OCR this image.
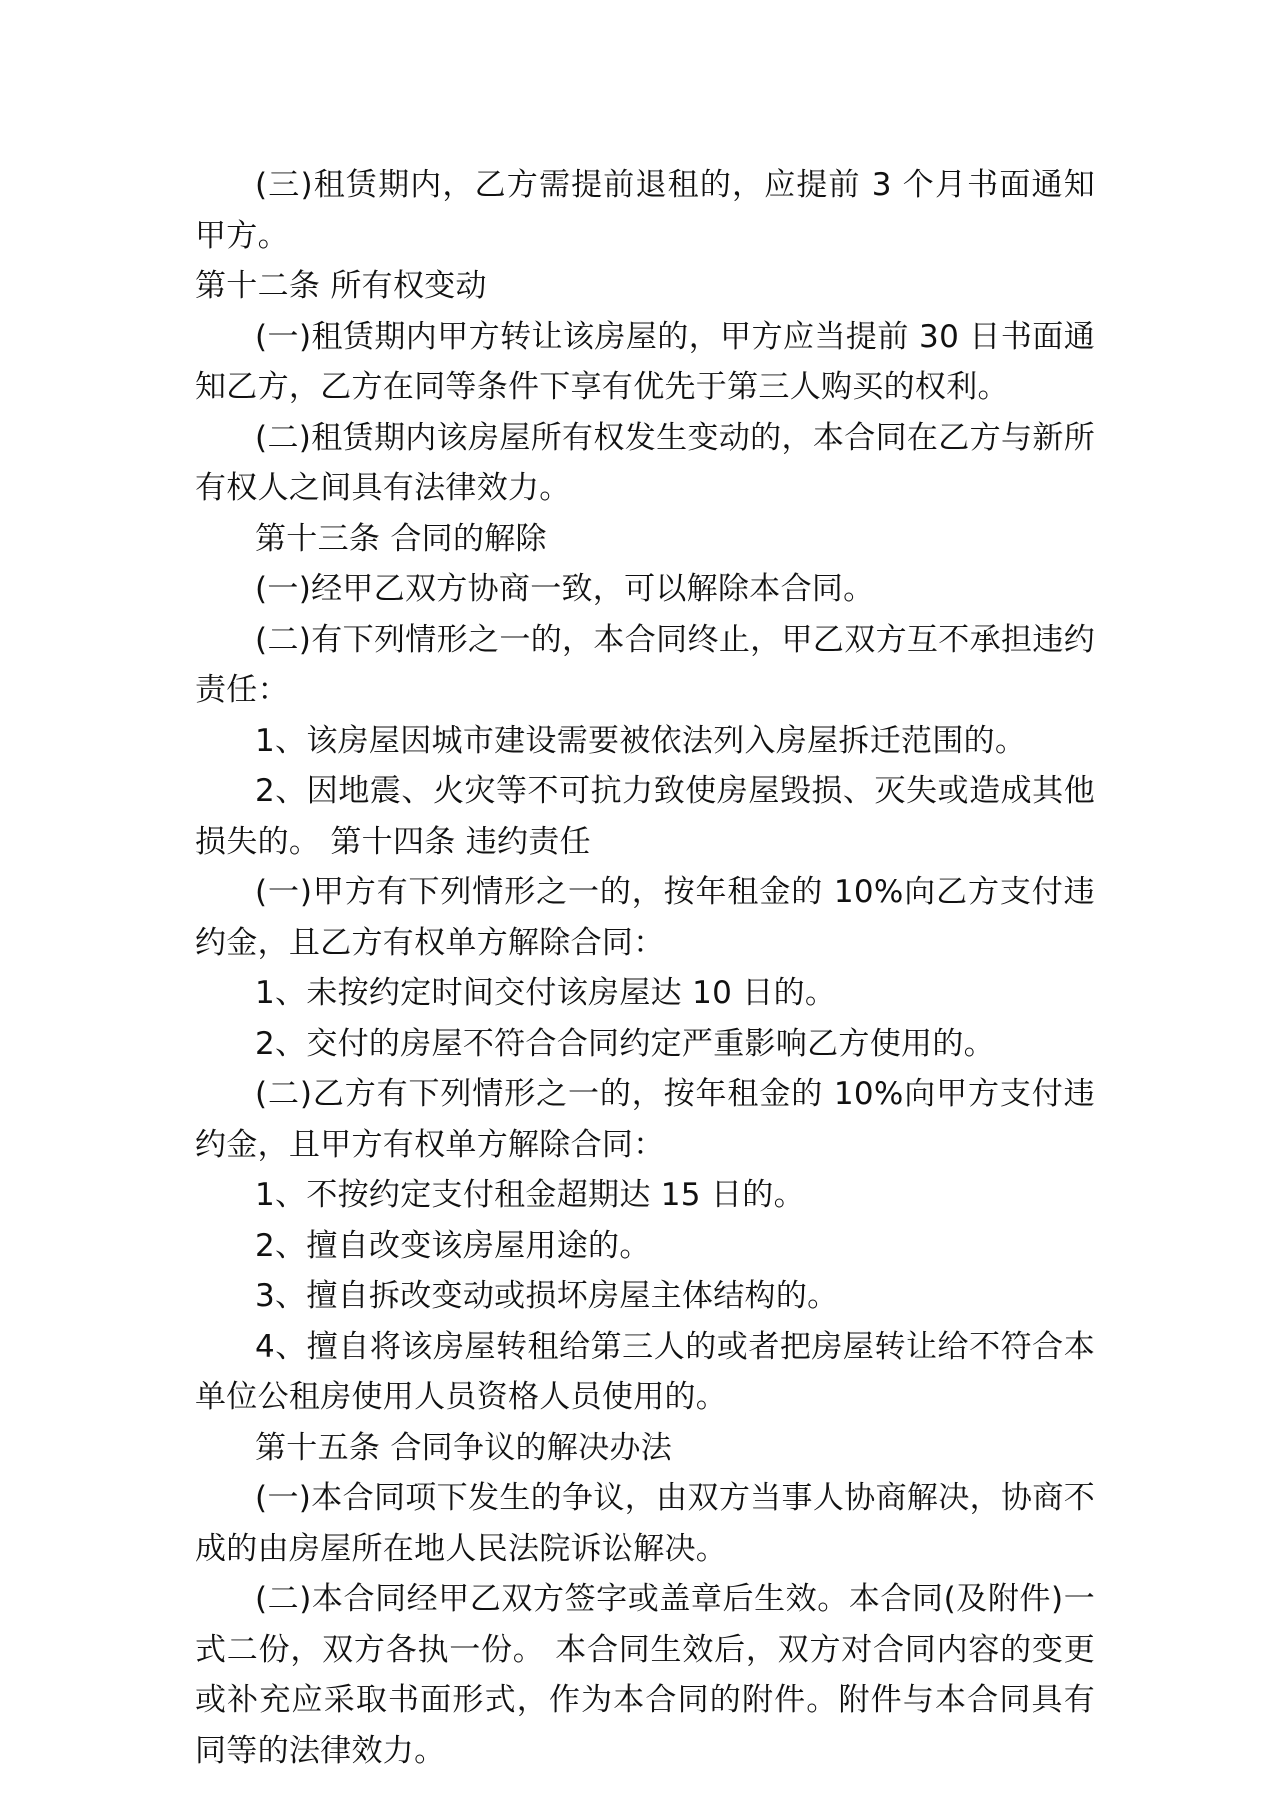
(三)租赁期内，乙方需提前退租的，应提前 3 个月书面通知甲方。

第十二条 所有权变动

(一)租赁期内甲方转让该房屋的，甲方应当提前 30 日书面通知乙方，乙方在同等条件下享有优先于第三人购买的权利。

(二)租赁期内该房屋所有权发生变动的，本合同在乙方与新所有权人之间具有法律效力。

第十三条 合同的解除

(一)经甲乙双方协商一致，可以解除本合同。

(二)有下列情形之一的，本合同终止，甲乙双方互不承担违约责任：

1、该房屋因城市建设需要被依法列入房屋拆迁范围的。

2、因地震、火灾等不可抗力致使房屋毁损、灭失或造成其他损失的。 第十四条 违约责任

(一)甲方有下列情形之一的，按年租金的 10%向乙方支付违约金，且乙方有权单方解除合同：

1、未按约定时间交付该房屋达 10 日的。

2、交付的房屋不符合合同约定严重影响乙方使用的。

(二)乙方有下列情形之一的，按年租金的 10%向甲方支付违约金，且甲方有权单方解除合同：

1、不按约定支付租金超期达 15 日的。

2、擅自改变该房屋用途的。

3、擅自拆改变动或损坏房屋主体结构的。

4、擅自将该房屋转租给第三人的或者把房屋转让给不符合本单位公租房使用人员资格人员使用的。

第十五条 合同争议的解决办法

(一)本合同项下发生的争议，由双方当事人协商解决，协商不成的由房屋所在地人民法院诉讼解决。

(二)本合同经甲乙双方签字或盖章后生效。本合同(及附件)一式二份，双方各执一份。 本合同生效后，双方对合同内容的变更或补充应采取书面形式，作为本合同的附件。附件与本合同具有同等的法律效力。
